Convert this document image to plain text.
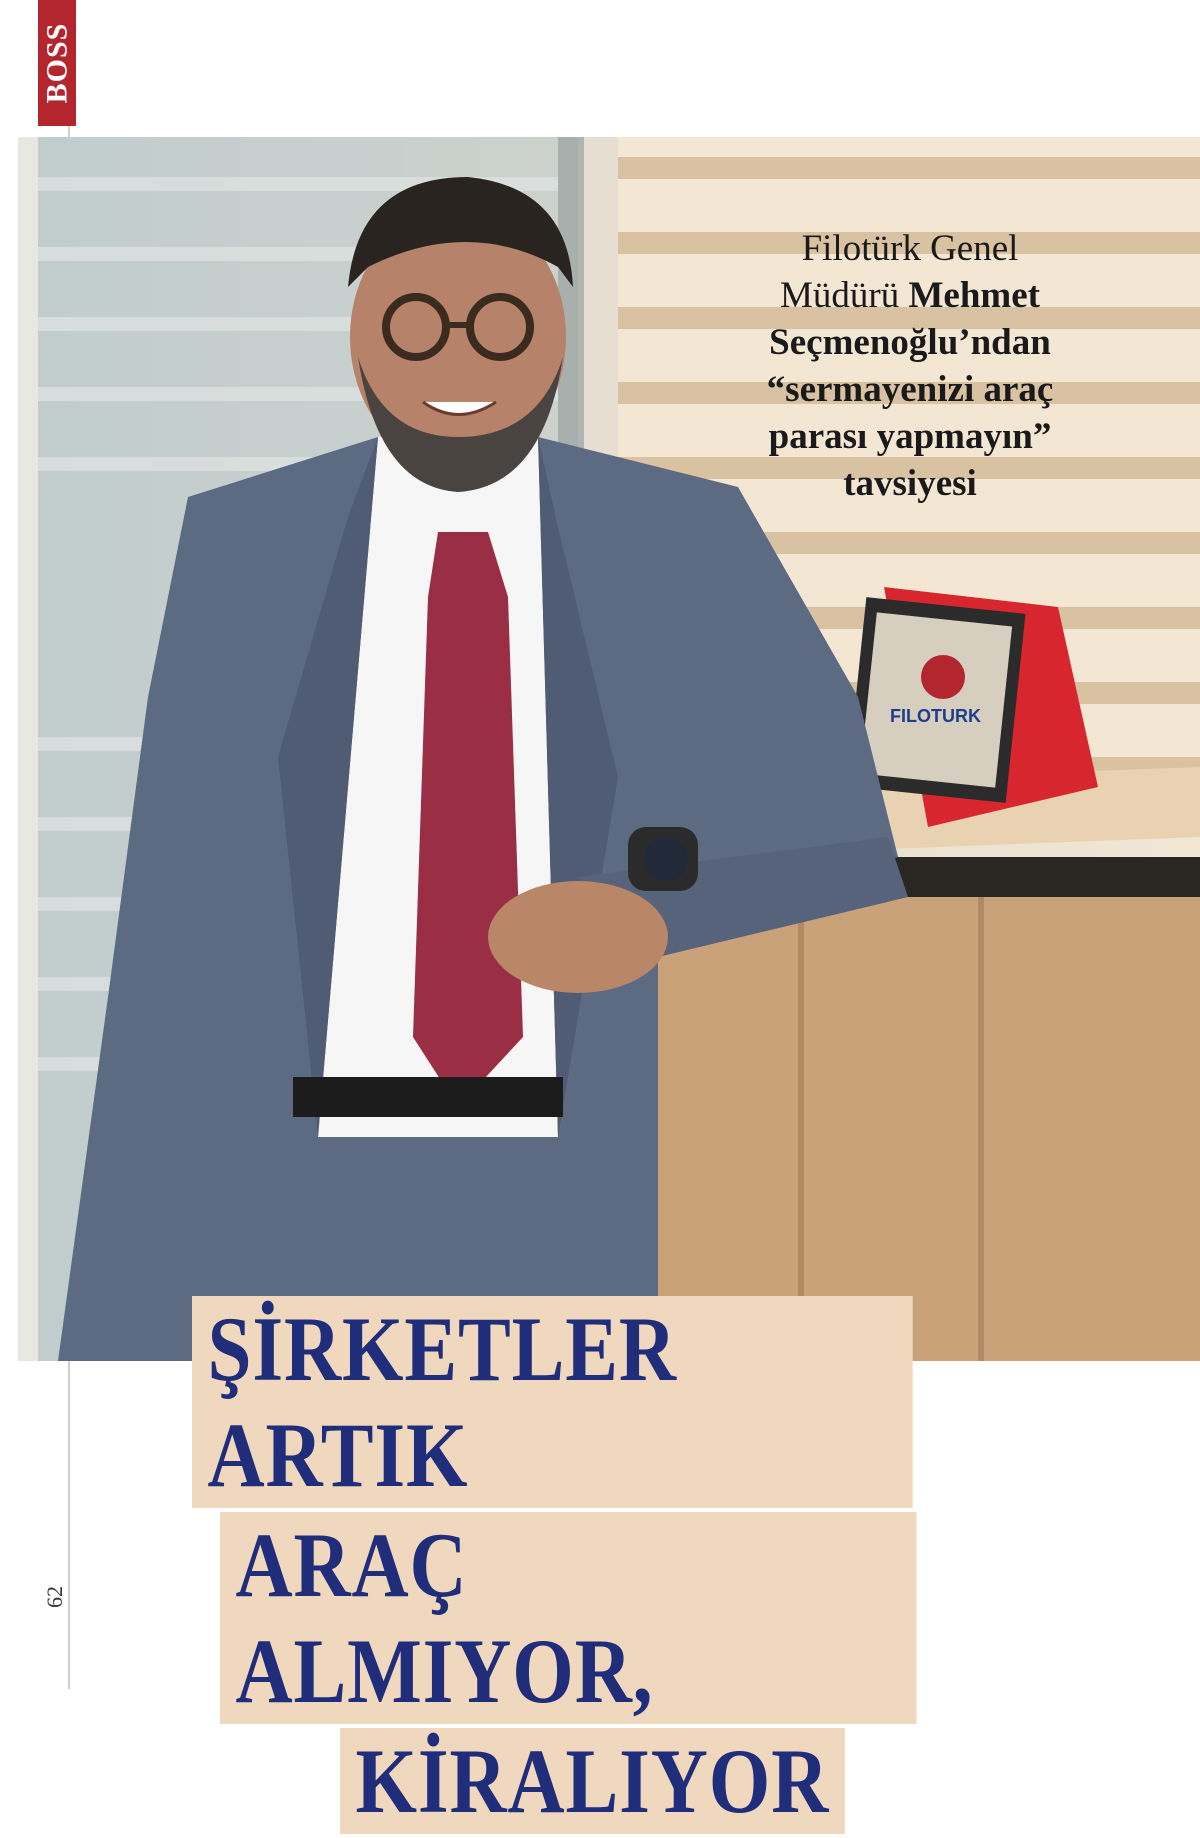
BOSS
62
FILOTURK
Filotürk Genel
Müdürü Mehmet
Seçmenoğlu’ndan
“sermayenizi araç
parası yapmayın”
tavsiyesi
ŞİRKETLER ARTIK
ARAÇ ALMIYOR,
KİRALIYOR
